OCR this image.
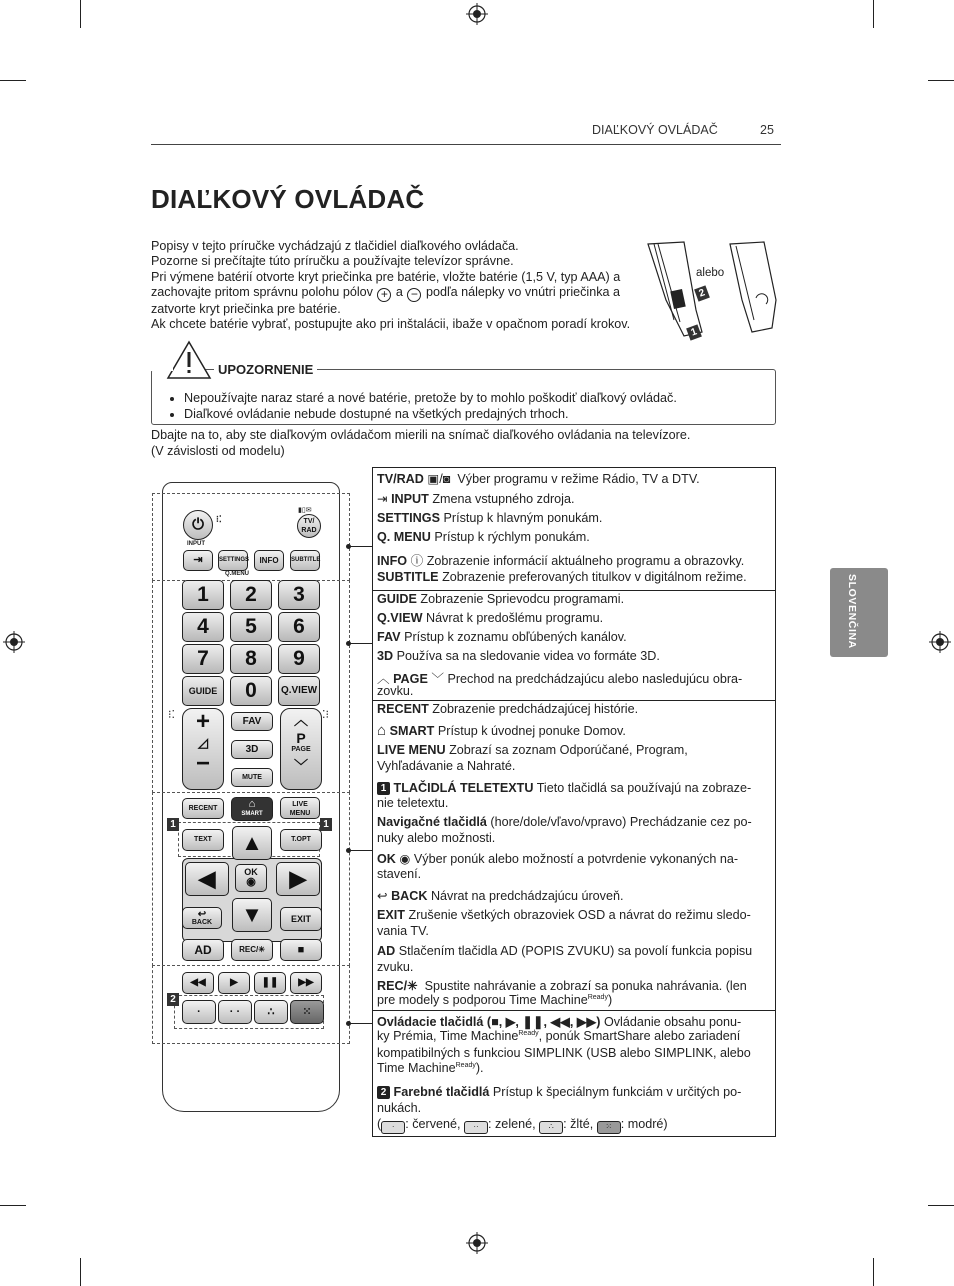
DIAĽKOVÝ OVLÁDAČ	25
DIAĽKOVÝ OVLÁDAČ
SLOVENČINA
Popisy v tejto príručke vychádzajú z tlačidiel diaľkového ovládača.
Pozorne si prečítajte túto príručku a používajte televízor správne.
Pri výmene batérií otvorte kryt priečinka pre batérie, vložte batérie (1,5 V, typ AAA) a
zachovajte pritom správnu polohu pólov + a − podľa nálepky vo vnútri priečinka a
zatvorte kryt priečinka pre batérie.
Ak chcete batérie vybrať, postupujte ako pri inštalácii, ibaže v opačnom poradí krokov.
alebo
2
1
UPOZORNENIE
• Nepoužívajte naraz staré a nové batérie, pretože by to mohlo poškodiť diaľkový ovládač.
• Diaľkové ovládanie nebude dostupné na všetkých predajných trhoch.
Dbajte na to, aby ste diaľkovým ovládačom mierili na snímač diaľkového ovládania na televízore.
(V závislosti od modelu)
⏻	⁝⁚	TV/ RAD
▮▯✉
INPUT
⇥	SETTINGS
Q.MENU
INFO	SUBTITLE
1	2	3
4	5	6
7	8	9
GUIDE	0	Q.VIEW
⁝⁚	⁚⁝
+
◿
−
FAV
3D
MUTE
︿
P
PAGE
﹀
RECENT	⌂
SMART
LIVE MENU
1	1
TEXT	T.OPT
▲
▼
◀	▶
OK
◉
↩
BACK	EXIT
AD	REC/✳	■
◀◀	▶	❚❚	▶▶
2
·	· ·	∴	⁙
TV/RAD ▣/◙ Výber programu v režime Rádio, TV a DTV.
⇥ INPUT Zmena vstupného zdroja.
SETTINGS Prístup k hlavným ponukám.
Q. MENU Prístup k rýchlym ponukám.
INFO ⓘ Zobrazenie informácií aktuálneho programu a obrazovky.
SUBTITLE Zobrazenie preferovaných titulkov v digitálnom režime.
GUIDE Zobrazenie Sprievodcu programami.
Q.VIEW Návrat k predošlému programu.
FAV Prístup k zoznamu obľúbených kanálov.
3D Používa sa na sledovanie videa vo formáte 3D.
︿ PAGE ﹀ Prechod na predchádzajúcu alebo nasledujúcu obra-
zovku.
RECENT Zobrazenie predchádzajúcej histórie.
⌂ SMART Prístup k úvodnej ponuke Domov.
LIVE MENU Zobrazí sa zoznam Odporúčané, Program,
Vyhľadávanie a Nahraté.
1 TLAČIDLÁ TELETEXTU Tieto tlačidlá sa používajú na zobraze-
nie teletextu.
Navigačné tlačidlá (hore/dole/vľavo/vpravo) Prechádzanie cez po-
nuky alebo možnosti.
OK ◉ Výber ponúk alebo možností a potvrdenie vykonaných na-
stavení.
↩ BACK Návrat na predchádzajúcu úroveň.
EXIT Zrušenie všetkých obrazoviek OSD a návrat do režimu sledo-
vania TV.
AD Stlačením tlačidla AD (POPIS ZVUKU) sa povolí funkcia popisu
zvuku.
REC/✳ Spustite nahrávanie a zobrazí sa ponuka nahrávania. (len
pre modely s podporou Time Machine$^{Ready}$)
Ovládacie tlačidlá (■, ▶, ❚❚, ◀◀, ▶▶) Ovládanie obsahu ponu-
ky Prémia, Time Machine$^{Ready}$, ponúk SmartShare alebo zariadení
kompatibilných s funkciou SIMPLINK (USB alebo SIMPLINK, alebo
Time Machine$^{Ready}$).
2 Farebné tlačidlá Prístup k špeciálnym funkciám v určitých po-
nukách.
( · : červené, ·· : zelené, ∴ : žlté, ⁙ : modré)
